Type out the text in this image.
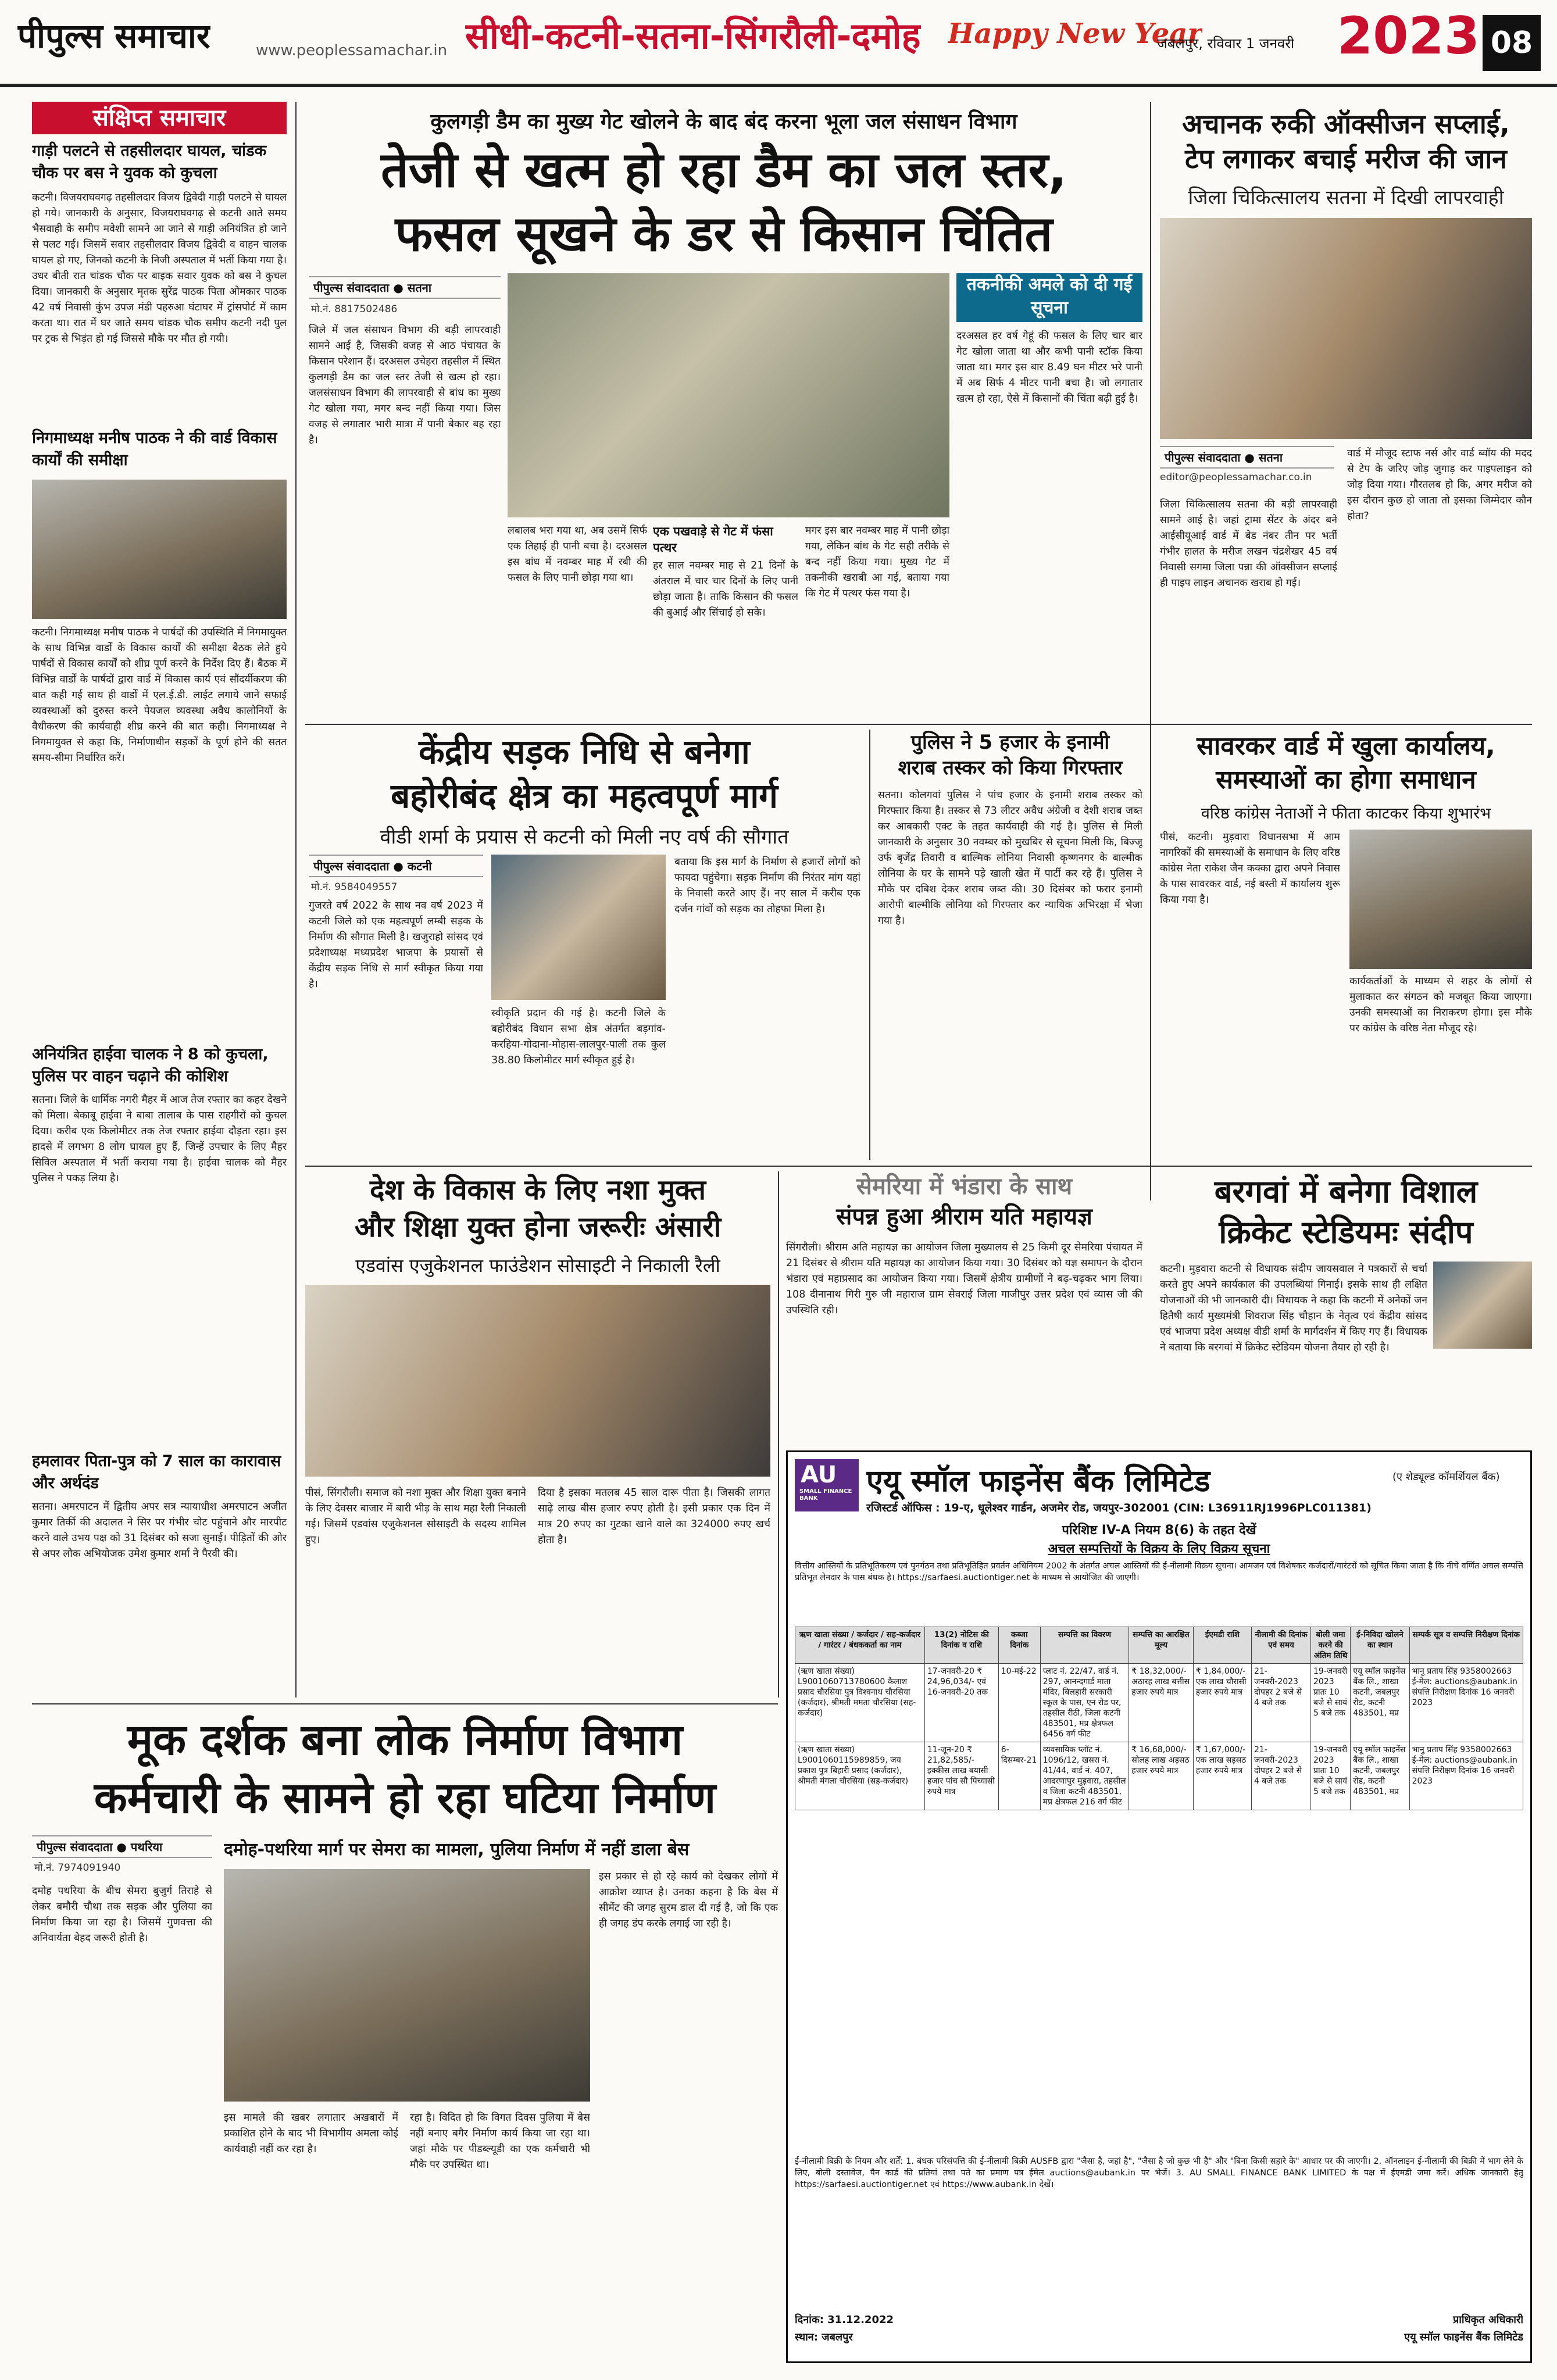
पीपुल्स समाचार	www.peoplessamachar.in सीधी-कटनी-सतना-सिंगरौली-दमोह Happy New Year
जबलपुर, रविवार 1 जनवरी 2023 08
संक्षिप्त समाचार
गाड़ी पलटने से तहसीलदार घायल, चांडक चौक पर बस ने युवक को कुचला
कटनी। विजयराघवगढ़ तहसीलदार विजय द्विवेदी गाड़ी पलटने से घायल हो गये। जानकारी के अनुसार, विजयराघवगढ़ से कटनी आते समय भैसवाही के समीप मवेशी सामने आ जाने से गाड़ी अनियंत्रित हो जाने से पलट गई। जिसमें सवार तहसीलदार विजय द्विवेदी व वाहन चालक घायल हो गए, जिनको कटनी के निजी अस्पताल में भर्ती किया गया है। उधर बीती रात चांडक चौक पर बाइक सवार युवक को बस ने कुचल दिया। जानकारी के अनुसार मृतक सुरेंद्र पाठक पिता ओमकार पाठक 42 वर्ष निवासी कुंभ उपज मंडी पहरुआ घंटाघर में ट्रांसपोर्ट में काम करता था। रात में घर जाते समय चांडक चौक समीप कटनी नदी पुल पर ट्रक से भिड़ंत हो गई जिससे मौके पर मौत हो गयी।
निगमाध्यक्ष मनीष पाठक ने की वार्ड विकास कार्यों की समीक्षा
कटनी। निगमाध्यक्ष मनीष पाठक ने पार्षदों की उपस्थिति में निगमायुक्त के साथ विभिन्न वार्डों के विकास कार्यों की समीक्षा बैठक लेते हुये पार्षदों से विकास कार्यों को शीघ्र पूर्ण करने के निर्देश दिए हैं। बैठक में विभिन्न वार्डों के पार्षदों द्वारा वार्ड में विकास कार्य एवं सौंदर्यीकरण की बात कही गई साथ ही वार्डों में एल.ई.डी. लाईट लगाये जाने सफाई व्यवस्थाओं को दुरुस्त करने पेयजल व्यवस्था अवैध कालोनियों के वैधीकरण की कार्यवाही शीघ्र करने की बात कही। निगमाध्यक्ष ने निगमायुक्त से कहा कि, निर्माणाधीन सड़कों के पूर्ण होने की सतत समय-सीमा निर्धारित करें।
अनियंत्रित हाईवा चालक ने 8 को कुचला, पुलिस पर वाहन चढ़ाने की कोशिश
सतना। जिले के धार्मिक नगरी मैहर में आज तेज रफ्तार का कहर देखने को मिला। बेकाबू हाईवा ने बाबा तालाब के पास राहगीरों को कुचल दिया। करीब एक किलोमीटर तक तेज रफ्तार हाईवा दौड़ता रहा। इस हादसे में लगभग 8 लोग घायल हुए हैं, जिन्हें उपचार के लिए मैहर सिविल अस्पताल में भर्ती कराया गया है। हाईवा चालक को मैहर पुलिस ने पकड़ लिया है।
हमलावर पिता-पुत्र को 7 साल का कारावास और अर्थदंड
सतना। अमरपाटन में द्वितीय अपर सत्र न्यायाधीश अमरपाटन अजीत कुमार तिर्की की अदालत ने सिर पर गंभीर चोट पहुंचाने और मारपीट करने वाले उभय पक्ष को 31 दिसंबर को सजा सुनाई। पीड़ितों की ओर से अपर लोक अभियोजक उमेश कुमार शर्मा ने पैरवी की।
कुलगड़ी डैम का मुख्य गेट खोलने के बाद बंद करना भूला जल संसाधन विभाग
तेजी से खत्म हो रहा डैम का जल स्तर,
फसल सूखने के डर से किसान चिंतित
पीपुल्स संवाददाता ● सतना
मो.नं. 8817502486
जिले में जल संसाधन विभाग की बड़ी लापरवाही सामने आई है, जिसकी वजह से आठ पंचायत के किसान परेशान हैं। दरअसल उचेहरा तहसील में स्थित कुलगड़ी डैम का जल स्तर तेजी से खत्म हो रहा। जलसंसाधन विभाग की लापरवाही से बांध का मुख्य गेट खोला गया, मगर बन्द नहीं किया गया। जिस वजह से लगातार भारी मात्रा में पानी बेकार बह रहा है।
लबालब भरा गया था, अब उसमें सिर्फ एक तिहाई ही पानी बचा है। दरअसल इस बांध में नवम्बर माह में रबी की फसल के लिए पानी छोड़ा गया था।
एक पखवाड़े से गेट में फंसा पत्थर
हर साल नवम्बर माह से 21 दिनों के अंतराल में चार चार दिनों के लिए पानी छोड़ा जाता है। ताकि किसान की फसल की बुआई और सिंचाई हो सके।
मगर इस बार नवम्बर माह में पानी छोड़ा गया, लेकिन बांध के गेट सही तरीके से बन्द नहीं किया गया। मुख्य गेट में तकनीकी खराबी आ गई, बताया गया कि गेट में पत्थर फंस गया है।
तकनीकी अमले को दी गई सूचना
दरअसल हर वर्ष गेहूं की फसल के लिए चार बार गेट खोला जाता था और कभी पानी स्टॉक किया जाता था। मगर इस बार 8.49 घन मीटर भरे पानी में अब सिर्फ 4 मीटर पानी बचा है। जो लगातार खत्म हो रहा, ऐसे में किसानों की चिंता बढ़ी हुई है।
अचानक रुकी ऑक्सीजन सप्लाई,
टेप लगाकर बचाई मरीज की जान
जिला चिकित्सालय सतना में दिखी लापरवाही
पीपुल्स संवाददाता ● सतना
editor@peoplessamachar.co.in
जिला चिकित्सालय सतना की बड़ी लापरवाही सामने आई है। जहां ट्रामा सेंटर के अंदर बने आईसीयूआई वार्ड में बेड नंबर तीन पर भर्ती गंभीर हालत के मरीज लखन चंद्रशेखर 45 वर्ष निवासी सगमा जिला पन्ना की ऑक्सीजन सप्लाई ही पाइप लाइन अचानक खराब हो गई।
वार्ड में मौजूद स्टाफ नर्स और वार्ड ब्वॉय की मदद से टेप के जरिए जोड़ जुगाड़ कर पाइपलाइन को जोड़ दिया गया। गौरतलब हो कि, अगर मरीज को इस दौरान कुछ हो जाता तो इसका जिम्मेदार कौन होता?
केंद्रीय सड़क निधि से बनेगा
बहोरीबंद क्षेत्र का महत्वपूर्ण मार्ग
वीडी शर्मा के प्रयास से कटनी को मिली नए वर्ष की सौगात
पीपुल्स संवाददाता ● कटनी
मो.नं. 9584049557
गुजरते वर्ष 2022 के साथ नव वर्ष 2023 में कटनी जिले को एक महत्वपूर्ण लम्बी सड़क के निर्माण की सौगात मिली है। खजुराहो सांसद एवं प्रदेशाध्यक्ष मध्यप्रदेश भाजपा के प्रयासों से केंद्रीय सड़क निधि से मार्ग स्वीकृत किया गया है।
स्वीकृति प्रदान की गई है। कटनी जिले के बहोरीबंद विधान सभा क्षेत्र अंतर्गत बड़गांव-करहिया-गोदाना-मोहास-लालपुर-पाली तक कुल 38.80 किलोमीटर मार्ग स्वीकृत हुई है।
बताया कि इस मार्ग के निर्माण से हजारों लोगों को फायदा पहुंचेगा। सड़क निर्माण की निरंतर मांग यहां के निवासी करते आए हैं। नए साल में करीब एक दर्जन गांवों को सड़क का तोहफा मिला है।
पुलिस ने 5 हजार के इनामी
शराब तस्कर को किया गिरफ्तार
सतना। कोलगवां पुलिस ने पांच हजार के इनामी शराब तस्कर को गिरफ्तार किया है। तस्कर से 73 लीटर अवैध अंग्रेजी व देशी शराब जब्त कर आबकारी एक्ट के तहत कार्यवाही की गई है। पुलिस से मिली जानकारी के अनुसार 30 नवम्बर को मुखबिर से सूचना मिली कि, बिज्जू उर्फ बृजेंद्र तिवारी व बाल्मिक लोनिया निवासी कृष्णनगर के बाल्मीक लोनिया के घर के सामने पड़े खाली खेत में पार्टी कर रहे हैं। पुलिस ने मौके पर दबिश देकर शराब जब्त की। 30 दिसंबर को फरार इनामी आरोपी बाल्मीकि लोनिया को गिरफ्तार कर न्यायिक अभिरक्षा में भेजा गया है।
सावरकर वार्ड में खुला कार्यालय,
समस्याओं का होगा समाधान
वरिष्ठ कांग्रेस नेताओं ने फीता काटकर किया शुभारंभ
पीसं, कटनी। मुड़वारा विधानसभा में आम नागरिकों की समस्याओं के समाधान के लिए वरिष्ठ कांग्रेस नेता राकेश जैन कक्का द्वारा अपने निवास के पास सावरकर वार्ड, नई बस्ती में कार्यालय शुरू किया गया है।
कार्यकर्ताओं के माध्यम से शहर के लोगों से मुलाकात कर संगठन को मजबूत किया जाएगा। उनकी समस्याओं का निराकरण होगा। इस मौके पर कांग्रेस के वरिष्ठ नेता मौजूद रहे।
देश के विकास के लिए नशा मुक्त
और शिक्षा युक्त होना जरूरीः अंसारी
एडवांस एजुकेशनल फाउंडेशन सोसाइटी ने निकाली रैली
पीसं, सिंगरौली। समाज को नशा मुक्त और शिक्षा युक्त बनाने के लिए देवसर बाजार में बारी भीड़ के साथ महा रैली निकाली गई। जिसमें एडवांस एजुकेशनल सोसाइटी के सदस्य शामिल हुए।
दिया है इसका मतलब 45 साल दारू पीता है। जिसकी लागत साढ़े लाख बीस हजार रुपए होती है। इसी प्रकार एक दिन में मात्र 20 रुपए का गुटका खाने वाले का 324000 रुपए खर्च होता है।
सेमरिया में भंडारा के साथ
संपन्न हुआ श्रीराम यति महायज्ञ
सिंगरौली। श्रीराम अति महायज्ञ का आयोजन जिला मुख्यालय से 25 किमी दूर सेमरिया पंचायत में 21 दिसंबर से श्रीराम यति महायज्ञ का आयोजन किया गया। 30 दिसंबर को यज्ञ समापन के दौरान भंडारा एवं महाप्रसाद का आयोजन किया गया। जिसमें क्षेत्रीय ग्रामीणों ने बढ़-चढ़कर भाग लिया। 108 दीनानाथ गिरी गुरु जी महाराज ग्राम सेवराई जिला गाजीपुर उत्तर प्रदेश एवं व्यास जी की उपस्थिति रही।
बरगवां में बनेगा विशाल
क्रिकेट स्टेडियमः संदीप
कटनी। मुड़वारा कटनी से विधायक संदीप जायसवाल ने पत्रकारों से चर्चा करते हुए अपने कार्यकाल की उपलब्धियां गिनाई। इसके साथ ही लक्षित योजनाओं की भी जानकारी दी। विधायक ने कहा कि कटनी में अनेकों जन हितैषी कार्य मुख्यमंत्री शिवराज सिंह चौहान के नेतृत्व एवं केंद्रीय सांसद एवं भाजपा प्रदेश अध्यक्ष वीडी शर्मा के मार्गदर्शन में किए गए हैं। विधायक ने बताया कि बरगवां में क्रिकेट स्टेडियम योजना तैयार हो रही है।
AU
SMALL FINANCE BANK	एयू स्मॉल फाइनेंस बैंक लिमिटेड	(ए शेड्यूल्ड कॉमर्शियल बैंक)
रजिस्टर्ड ऑफिस : 19-ए, धूलेश्वर गार्डन, अजमेर रोड, जयपुर-302001 (CIN: L36911RJ1996PLC011381)
परिशिष्ट IV-A नियम 8(6) के तहत देखें
अचल सम्पत्तियों के विक्रय के लिए विक्रय सूचना
वित्तीय आस्तियों के प्रतिभूतिकरण एवं पुनर्गठन तथा प्रतिभूतिहित प्रवर्तन अधिनियम 2002 के अंतर्गत अचल आस्तियों की ई-नीलामी विक्रय सूचना। आमजन एवं विशेषकर कर्जदारों/गारंटरों को सूचित किया जाता है कि नीचे वर्णित अचल सम्पत्ति प्रतिभूत लेनदार के पास बंधक है। https://sarfaesi.auctiontiger.net के माध्यम से आयोजित की जाएगी।
ऋण खाता संख्या / कर्जदार / सह-कर्जदार / गारंटर / बंधककर्ता का नाम	13(2) नोटिस की दिनांक व राशि	कब्जा दिनांक	सम्पत्ति का विवरण	सम्पत्ति का आरक्षित मूल्य	ईएमडी राशि	नीलामी की दिनांक एवं समय	बोली जमा करने की अंतिम तिथि	ई-निविदा खोलने का स्थान	सम्पर्क सूत्र व सम्पत्ति निरीक्षण दिनांक
(ऋण खाता संख्या) L9001060713780600 कैलाश प्रसाद चौरसिया पुत्र विश्वनाथ चौरसिया (कर्जदार), श्रीमती ममता चौरसिया (सह-कर्जदार)	17-जनवरी-20 ₹ 24,96,034/- एवं 16-जनवरी-20 तक	10-मई-22	प्लाट नं. 22/47, वार्ड नं. 297, आनन्दगार्ड माता मंदिर, बिलहारी सरकारी स्कूल के पास, एन रोड पर, तहसील रीठी, जिला कटनी 483501, मप्र क्षेत्रफल 6456 वर्ग फीट	₹ 18,32,000/- अठारह लाख बत्तीस हजार रुपये मात्र	₹ 1,84,000/- एक लाख चौरासी हजार रुपये मात्र	21-जनवरी-2023 दोपहर 2 बजे से 4 बजे तक	19-जनवरी 2023 प्रातः 10 बजे से सायं 5 बजे तक	एयू स्मॉल फाइनेंस बैंक लि., शाखा कटनी, जबलपुर रोड, कटनी 483501, मप्र	भानु प्रताप सिंह 9358002663 ई-मेल: auctions@aubank.in संपत्ति निरीक्षण दिनांक 16 जनवरी 2023
(ऋण खाता संख्या) L9001060115989859, जय प्रकाश पुत्र बिहारी प्रसाद (कर्जदार), श्रीमती मंगला चौरसिया (सह-कर्जदार)	11-जून-20 ₹ 21,82,585/- इक्कीस लाख बयासी हजार पांच सौ पिच्यासी रुपये मात्र	6-दिसम्बर-21	व्यवसायिक प्लॉट नं. 1096/12, खसरा नं. 41/44, वार्ड नं. 407, आदरणापुर मुड़वारा, तहसील व जिला कटनी 483501, मप्र क्षेत्रफल 216 वर्ग फीट	₹ 16,68,000/- सोलह लाख अड़सठ हजार रुपये मात्र	₹ 1,67,000/- एक लाख सड़सठ हजार रुपये मात्र	21-जनवरी-2023 दोपहर 2 बजे से 4 बजे तक	19-जनवरी 2023 प्रातः 10 बजे से सायं 5 बजे तक	एयू स्मॉल फाइनेंस बैंक लि., शाखा कटनी, जबलपुर रोड, कटनी 483501, मप्र	भानु प्रताप सिंह 9358002663 ई-मेल: auctions@aubank.in संपत्ति निरीक्षण दिनांक 16 जनवरी 2023
ई-नीलामी बिक्री के नियम और शर्तें: 1. बंधक परिसंपत्ति की ई-नीलामी बिक्री AUSFB द्वारा "जैसा है, जहां है", "जैसा है जो कुछ भी है" और "बिना किसी सहारे के" आधार पर की जाएगी। 2. ऑनलाइन ई-नीलामी की बिक्री में भाग लेने के लिए, बोली दस्तावेज, पैन कार्ड की प्रतियां तथा पते का प्रमाण पत्र ईमेल auctions@aubank.in पर भेजें। 3. AU SMALL FINANCE BANK LIMITED के पक्ष में ईएमडी जमा करें। अधिक जानकारी हेतु https://sarfaesi.auctiontiger.net एवं https://www.aubank.in देखें।
दिनांक: 31.12.2022
स्थान: जबलपुर
प्राधिकृत अधिकारी
एयू स्मॉल फाइनेंस बैंक लिमिटेड
मूक दर्शक बना लोक निर्माण विभाग
कर्मचारी के सामने हो रहा घटिया निर्माण
पीपुल्स संवाददाता ● पथरिया
मो.नं. 7974091940
दमोह-पथरिया मार्ग पर सेमरा का मामला, पुलिया निर्माण में नहीं डाला बेस
दमोह पथरिया के बीच सेमरा बुजुर्ग तिराहे से लेकर बमौरी चौथा तक सड़क और पुलिया का निर्माण किया जा रहा है। जिसमें गुणवत्ता की अनिवार्यता बेहद जरूरी होती है।
इस मामले की खबर लगातार अखबारों में प्रकाशित होने के बाद भी विभागीय अमला कोई कार्यवाही नहीं कर रहा है।
रहा है। विदित हो कि विगत दिवस पुलिया में बेस नहीं बनाए बगैर निर्माण कार्य किया जा रहा था। जहां मौके पर पीडब्ल्यूडी का एक कर्मचारी भी मौके पर उपस्थित था।
इस प्रकार से हो रहे कार्य को देखकर लोगों में आक्रोश व्याप्त है। उनका कहना है कि बेस में सीमेंट की जगह सुरम डाल दी गई है, जो कि एक ही जगह डंप करके लगाई जा रही है।
